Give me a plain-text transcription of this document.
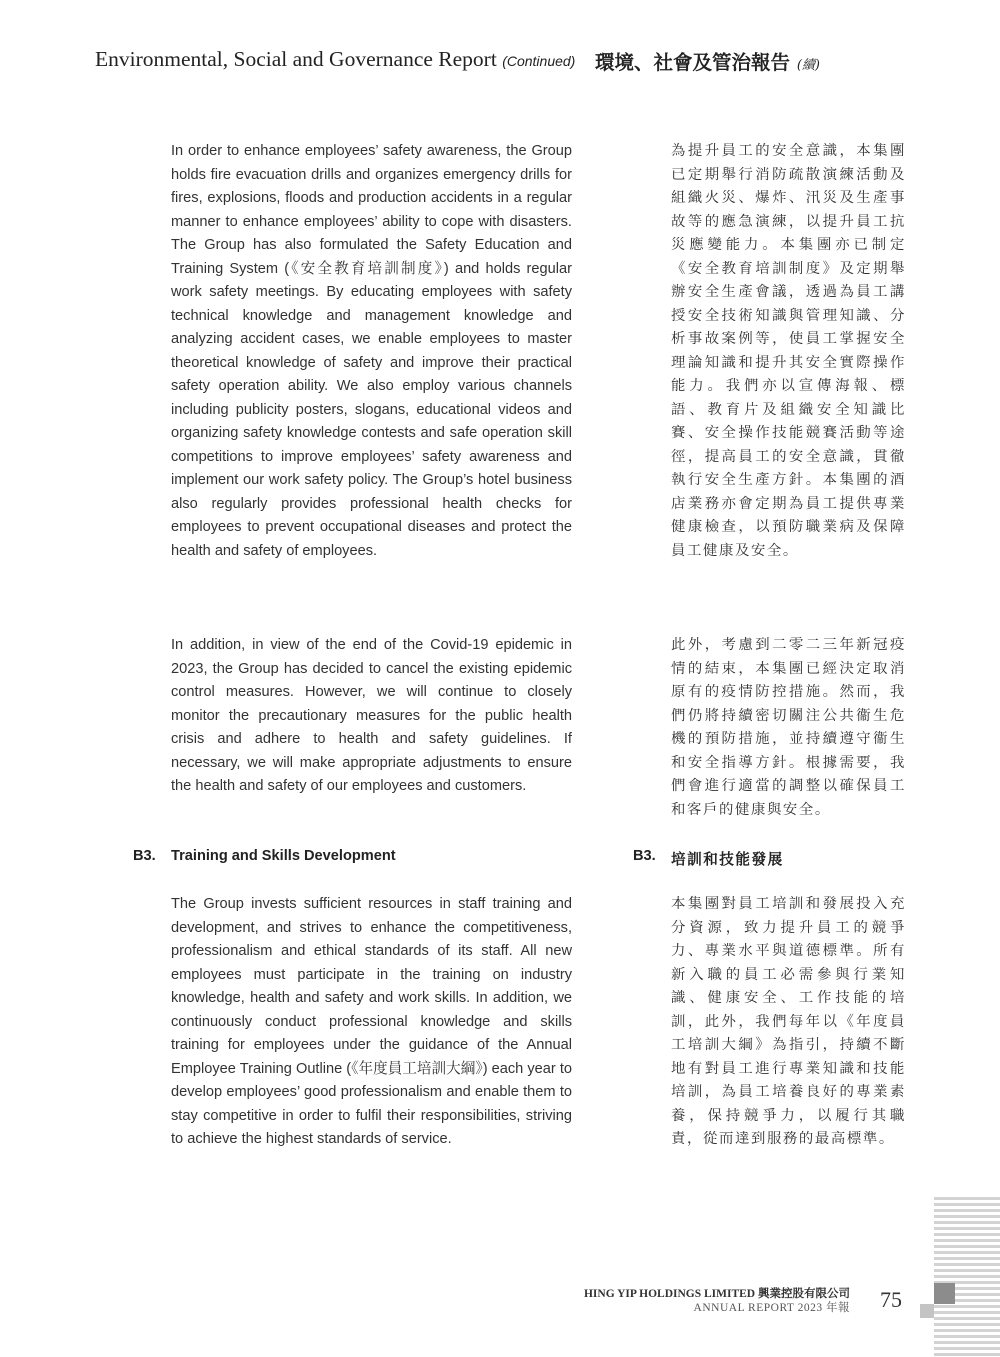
Environmental, Social and Governance Report (Continued) 環境、社會及管治報告 (續)
In order to enhance employees’ safety awareness, the Group holds fire evacuation drills and organizes emergency drills for fires, explosions, floods and production accidents in a regular manner to enhance employees’ ability to cope with disasters. The Group has also formulated the Safety Education and Training System (《安全教育培訓制度》) and holds regular work safety meetings. By educating employees with safety technical knowledge and management knowledge and analyzing accident cases, we enable employees to master theoretical knowledge of safety and improve their practical safety operation ability. We also employ various channels including publicity posters, slogans, educational videos and organizing safety knowledge contests and safe operation skill competitions to improve employees’ safety awareness and implement our work safety policy. The Group’s hotel business also regularly provides professional health checks for employees to prevent occupational diseases and protect the health and safety of employees.
為提升員工的安全意識，本集團已定期舉行消防疏散演練活動及組織火災、爆炸、汛災及生產事故等的應急演練，以提升員工抗災應變能力。本集團亦已制定《安全教育培訓制度》及定期舉辦安全生產會議，透過為員工講授安全技術知識與管理知識、分析事故案例等，使員工掌握安全理論知識和提升其安全實際操作能力。我們亦以宣傳海報、標語、教育片及組織安全知識比賽、安全操作技能競賽活動等途徑，提高員工的安全意識，貫徹執行安全生產方針。本集團的酒店業務亦會定期為員工提供專業健康檢查，以預防職業病及保障員工健康及安全。
In addition, in view of the end of the Covid-19 epidemic in 2023, the Group has decided to cancel the existing epidemic control measures. However, we will continue to closely monitor the precautionary measures for the public health crisis and adhere to health and safety guidelines. If necessary, we will make appropriate adjustments to ensure the health and safety of our employees and customers.
此外，考慮到二零二三年新冠疫情的結束，本集團已經決定取消原有的疫情防控措施。然而，我們仍將持續密切關注公共衞生危機的預防措施，並持續遵守衞生和安全指導方針。根據需要，我們會進行適當的調整以確保員工和客戶的健康與安全。
B3. Training and Skills Development	B3. 培訓和技能發展
The Group invests sufficient resources in staff training and development, and strives to enhance the competitiveness, professionalism and ethical standards of its staff. All new employees must participate in the training on industry knowledge, health and safety and work skills. In addition, we continuously conduct professional knowledge and skills training for employees under the guidance of the Annual Employee Training Outline (《年度員工培訓大綱》) each year to develop employees’ good professionalism and enable them to stay competitive in order to fulfil their responsibilities, striving to achieve the highest standards of service.
本集團對員工培訓和發展投入充分資源，致力提升員工的競爭力、專業水平與道德標準。所有新入職的員工必需參與行業知識、健康安全、工作技能的培訓，此外，我們每年以《年度員工培訓大綱》為指引，持續不斷地有對員工進行專業知識和技能培訓，為員工培養良好的專業素養，保持競爭力，以履行其職責，從而達到服務的最高標準。
HING YIP HOLDINGS LIMITED 興業控股有限公司
ANNUAL REPORT 2023 年報 75
